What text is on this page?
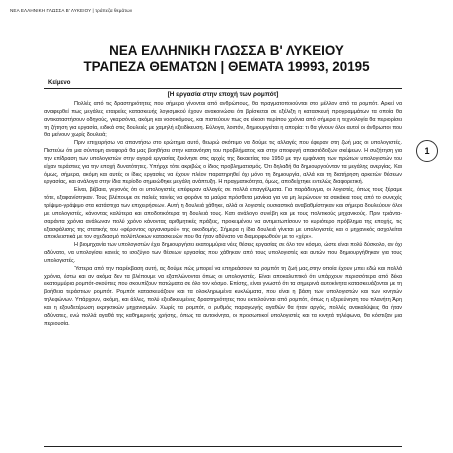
ΝΕΑ ΕΛΛΗΝΙΚΗ ΓΛΩΣΣΑ Β' ΛΥΚΕΙΟΥ | τράπεζα θεμάτων
ΝΕΑ ΕΛΛΗΝΙΚΗ ΓΛΩΣΣΑ Β' ΛΥΚΕΙΟΥ
ΤΡΑΠΕΖΑ ΘΕΜΑΤΩΝ | ΘΕΜΑΤΑ 19993, 20195
Κείμενο
[Η εργασία στην εποχή των ρομπότ]

Πολλές από τις δραστηριότητες που σήμερα γίνονται από ανθρώπους, θα πραγματοποιούνται στο μέλλον από τα ρομπότ. Αρκεί να αναφερθεί πως μεγάλες εταιρείες κατασκευής λογισμικού έχουν ανακοινώσει ότι βρίσκεται σε εξέλιξη η κατασκευή προγραμμάτων τα οποία θα αντικαταστήσουν οδηγούς, γκαρσόνια, ακόμη και νοσοκόμους, και πιστεύουν πως σε είκοσι περίπου χρόνια από σήμερα η τεχνολογία θα περιορίσει τη ζήτηση για εργασία, ειδικά στις δουλειές με χαμηλή εξειδίκευση. Εύλογα, λοιπόν, δημιουργείται η απορία: τι θα γίνουν όλοι αυτοί οι άνθρωποι που θα μείνουν χωρίς δουλειά;

Πριν επιχειρήσω να απαντήσω στο ερώτημα αυτό, θεωρώ σκόπιμο να δούμε τις αλλαγές που έφεραν στη ζωή μας οι υπολογιστές. Πιστεύω ότι μια σύντομη αναφορά θα μας βοηθήσει στην κατανόηση του προβλήματος και στην αποφυγή απαισιόδοξων σκέψεων. Η συζήτηση για την επίδραση των υπολογιστών στην αγορά εργασίας ξεκίνησε στις αρχές της δεκαετίας του 1950 με την εμφάνιση των πρώτων υπολογιστών του είχαν τεράστιες για την εποχή δυνατότητες. Υπήρχε τότε ακριβώς ο ίδιος προβληματισμός. Ότι δηλαδή θα δημιουργούνταν τα μεγάλης ανεργίας. Και όμως, σήμερα, ακόμη και αυτές οι ίδιες εργασίες να έχουν πλέον παρατηρηθεί όχι μόνο τη δημιουργία, αλλά και τη διατήρηση αρκετών θέσεων εργασίας, και ανάλογα στην ίδια περίοδο σημειώθηκε μεγάλη ανάπτυξη. Η πραγματικότητα, όμως, αποδείχτηκε εντελώς διαφορετική.

Είναι, βέβαια, γεγονός ότι οι υπολογιστές επέφεραν αλλαγές σε πολλά επαγγέλματα. Για παράδειγμα, οι λογιστές, όπως τους ξέραμε τότε, εξαφανίστηκαν. Τους βλέπουμε σε παλιές ταινίες να φοράνε τα μαύρα πρόσθετα μανίκια για να μη λερώνουν τα σακάκια τους από το συνεχές τρίψιμο-γράψιμο στα κατάστιχα των επιχειρήσεων. Αυτή η δουλειά χάθηκε, αλλά οι λογιστές ουσιαστικά αναβαθμίστηκαν και σήμερα δουλεύουν όλοι με υπολογιστές, κάνοντας καλύτερα και αποδοτικότερα τη δουλειά τους. Κατι ανάλογο συνέβη και με τους πολιτικούς μηχανικούς. Πριν τριάντα-σαράντα χρόνια ανάλωναν πολύ χρόνο κάνοντας αριθμητικές πράξεις, προκειμένου να αντιμετωπίσουν το κυριότερο πρόβλημα της εποχής, τις εξασφάλισης της στατικής του «φέροντος οργανισμού» της οικοδομής. Σήμερα η ίδια δουλειά γίνεται με υπολογιστές και ο μηχανικός ασχολείται αποκλειστικά με τον σχεδιασμό πολύπλοκων κατασκευών που θα ήταν αδύνατο να διαμορφωθούν με το «χέρι».

Η βιομηχανία των υπολογιστών έχει δημιουργήσει εκατομμύρια νέες θέσεις εργασίας σε όλο τον κόσμο, ώστε είναι πολύ δύσκολο, αν όχι αδύνατο, να υπολογίσει κανείς το ισοζύγιο των θέσεων εργασίας που χάθηκαν από τους υπολογιστές και αυτών που δημιουργήθηκαν για τους υπολογιστές.

Ύστερα από την παρέκβαση αυτή, ας δούμε πώς μπορεί να επηρεάσουν τα ρομπότ τη ζωή μας,στην οποία έχουν μπει εδώ και πολλά χρόνια, έστω και αν ακόμα δεν τα βλέπουμε να εξαπλώνονται όπως οι υπολογιστές. Είναι αποκαλυπτικό ότι υπάρχουν περισσότερα από δέκα εκατομμύρια ρομπότ-σκούπες που σκουπίζουν πατώματα σε όλο τον κόσμο. Επίσης, είναι γνωστό ότι τα σημερινά αυτοκίνητα κατασκευάζονται με τη βοήθεια τεράστιων ρομπότ. Ρομπότ κατασκευάζουν και τα ολοκληρωμένα κυκλώματα, που είναι η βάση των υπολογιστών και των κινητών τηλεφώνων. Υπάρχουν, ακόμη, και άλλες, πολύ εξειδικευμένες δραστηριότητες που εκτελούνται από ρομπότ, όπως η εξερεύνηση του πλανήτη Άρη και η εξουδετέρωση εκρηκτικών μηχανισμών. Χωρίς τα ρομπότ, ο ρυθμός παραγωγής αγαθών θα ήταν αργός, πολλές ανακαλύψεις θα ήταν αδύνατες, ενώ πολλά αγαθά της καθημερινής χρήσης, όπως τα αυτοκίνητα, οι προσωπικοί υπολογιστές και τα κινητά τηλέφωνα, θα κόστιζαν μια περιουσία.

1
